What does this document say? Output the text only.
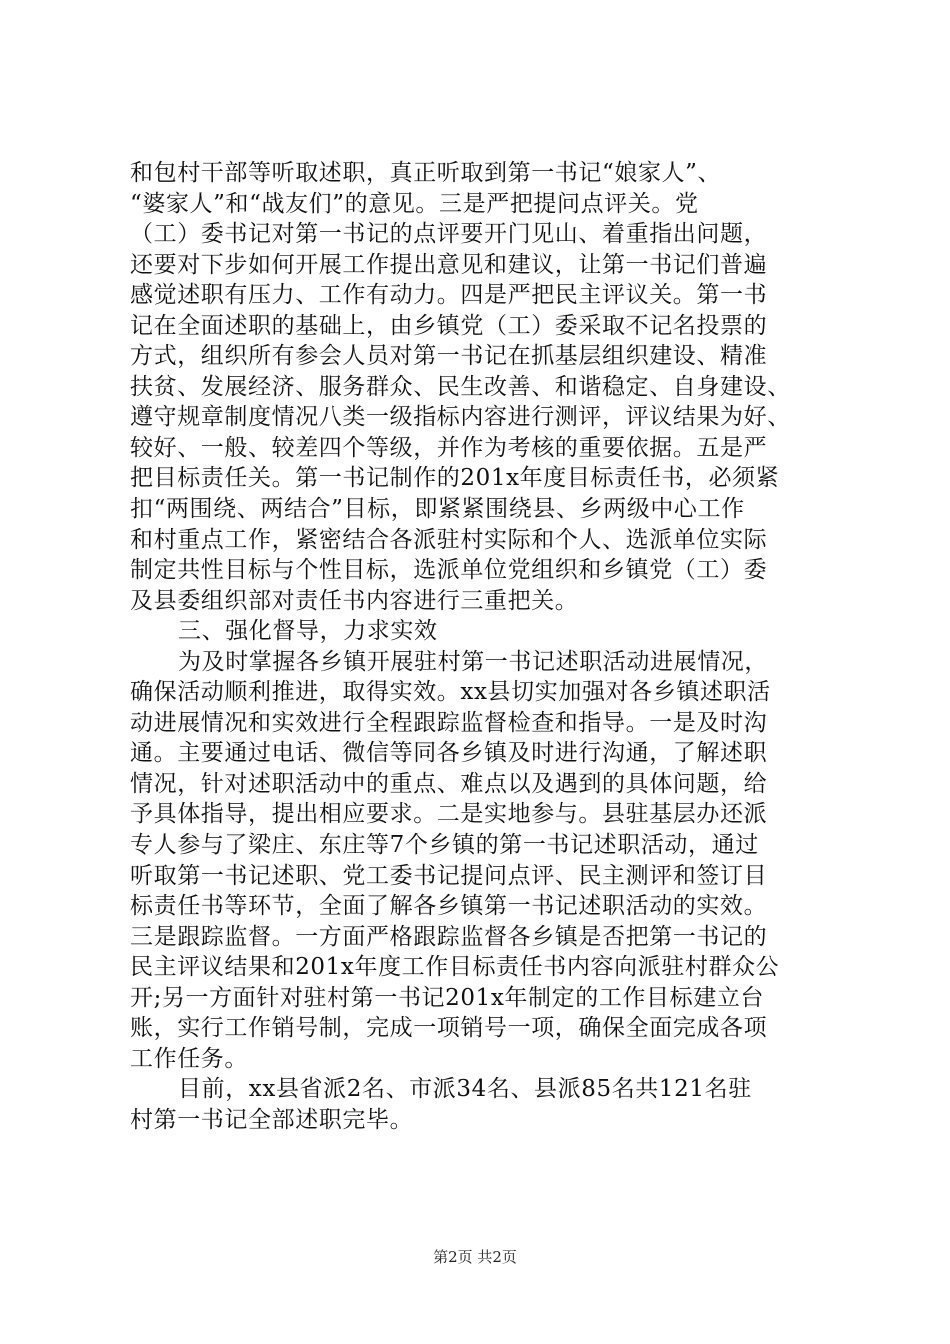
和包村干部等听取述职，真正听取到第一书记“娘家人”、
“婆家人”和“战友们”的意见。三是严把提问点评关。党
（工）委书记对第一书记的点评要开门见山、着重指出问题，
还要对下步如何开展工作提出意见和建议，让第一书记们普遍
感觉述职有压力、工作有动力。四是严把民主评议关。第一书
记在全面述职的基础上，由乡镇党（工）委采取不记名投票的
方式，组织所有参会人员对第一书记在抓基层组织建设、精准
扶贫、发展经济、服务群众、民生改善、和谐稳定、自身建设、
遵守规章制度情况八类一级指标内容进行测评，评议结果为好、
较好、一般、较差四个等级，并作为考核的重要依据。五是严
把目标责任关。第一书记制作的201x年度目标责任书，必须紧
扣“两围绕、两结合”目标，即紧紧围绕县、乡两级中心工作
和村重点工作，紧密结合各派驻村实际和个人、选派单位实际
制定共性目标与个性目标，选派单位党组织和乡镇党（工）委
及县委组织部对责任书内容进行三重把关。
三、强化督导，力求实效
为及时掌握各乡镇开展驻村第一书记述职活动进展情况，
确保活动顺利推进，取得实效。xx县切实加强对各乡镇述职活
动进展情况和实效进行全程跟踪监督检查和指导。一是及时沟
通。主要通过电话、微信等同各乡镇及时进行沟通，了解述职
情况，针对述职活动中的重点、难点以及遇到的具体问题，给
予具体指导，提出相应要求。二是实地参与。县驻基层办还派
专人参与了梁庄、东庄等7个乡镇的第一书记述职活动，通过
听取第一书记述职、党工委书记提问点评、民主测评和签订目
标责任书等环节，全面了解各乡镇第一书记述职活动的实效。
三是跟踪监督。一方面严格跟踪监督各乡镇是否把第一书记的
民主评议结果和201x年度工作目标责任书内容向派驻村群众公
开;另一方面针对驻村第一书记201x年制定的工作目标建立台
账，实行工作销号制，完成一项销号一项，确保全面完成各项
工作任务。
目前，xx县省派2名、市派34名、县派85名共121名驻
村第一书记全部述职完毕。
第2页 共2页
